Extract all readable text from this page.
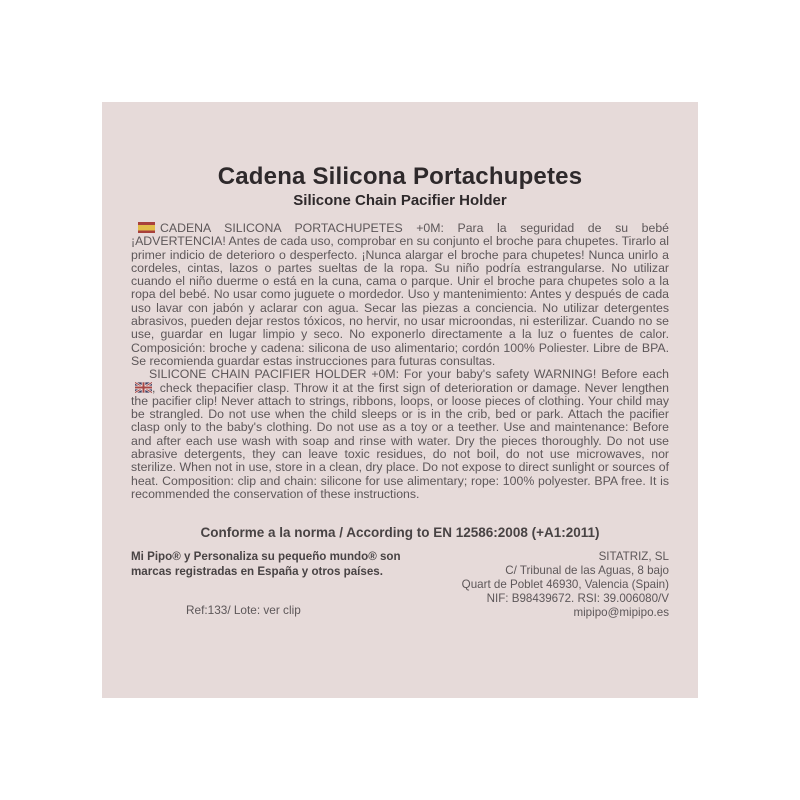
Cadena Silicona Portachupetes
Silicone Chain Pacifier Holder

CADENA SILICONA PORTACHUPETES +0M: Para la seguridad de su bebé ¡ADVERTENCIA! Antes de cada uso, comprobar en su conjunto el broche para chupetes. Tirarlo al primer indicio de deterioro o desperfecto. ¡Nunca alargar el broche para chupetes! Nunca unirlo a cordeles, cintas, lazos o partes sueltas de la ropa. Su niño podría estrangularse. No utilizar cuando el niño duerme o está en la cuna, cama o parque. Unir el broche para chupetes solo a la ropa del bebé. No usar como juguete o mordedor. Uso y mantenimiento: Antes y después de cada uso lavar con jabón y aclarar con agua. Secar las piezas a conciencia. No utilizar detergentes abrasivos, pueden dejar restos tóxicos, no hervir, no usar microondas, ni esterilizar. Cuando no se use, guardar en lugar limpio y seco. No exponerlo directamente a la luz o fuentes de calor. Composición: broche y cadena: silicona de uso alimentario; cordón 100% Poliester. Libre de BPA. Se recomienda guardar estas instrucciones para futuras consultas.

SILICONE CHAIN PACIFIER HOLDER +0M: For your baby's safety WARNING! Before each
, check thepacifier clasp. Throw it at the first sign of deterioration or damage. Never lengthen the pacifier clip! Never attach to strings, ribbons, loops, or loose pieces of clothing. Your child may be strangled. Do not use when the child sleeps or is in the crib, bed or park. Attach the pacifier clasp only to the baby's clothing. Do not use as a toy or a teether. Use and maintenance: Before and after each use wash with soap and rinse with water. Dry the pieces thoroughly. Do not use abrasive detergents, they can leave toxic residues, do not boil, do not use microwaves, nor sterilize. When not in use, store in a clean, dry place. Do not expose to direct sunlight or sources of heat. Composition: clip and chain: silicone for use alimentary; rope: 100% polyester. BPA free. It is recommended the conservation of these instructions.

Conforme a la norma / According to EN 12586:2008 (+A1:2011)
Mi Pipo® y Personaliza su pequeño mundo® son
marcas registradas en España y otros países.
Ref:133/ Lote: ver clip
SITATRIZ, SL
C/ Tribunal de las Aguas, 8 bajo
Quart de Poblet 46930, Valencia (Spain)
NIF: B98439672. RSI: 39.006080/V
mipipo@mipipo.es
